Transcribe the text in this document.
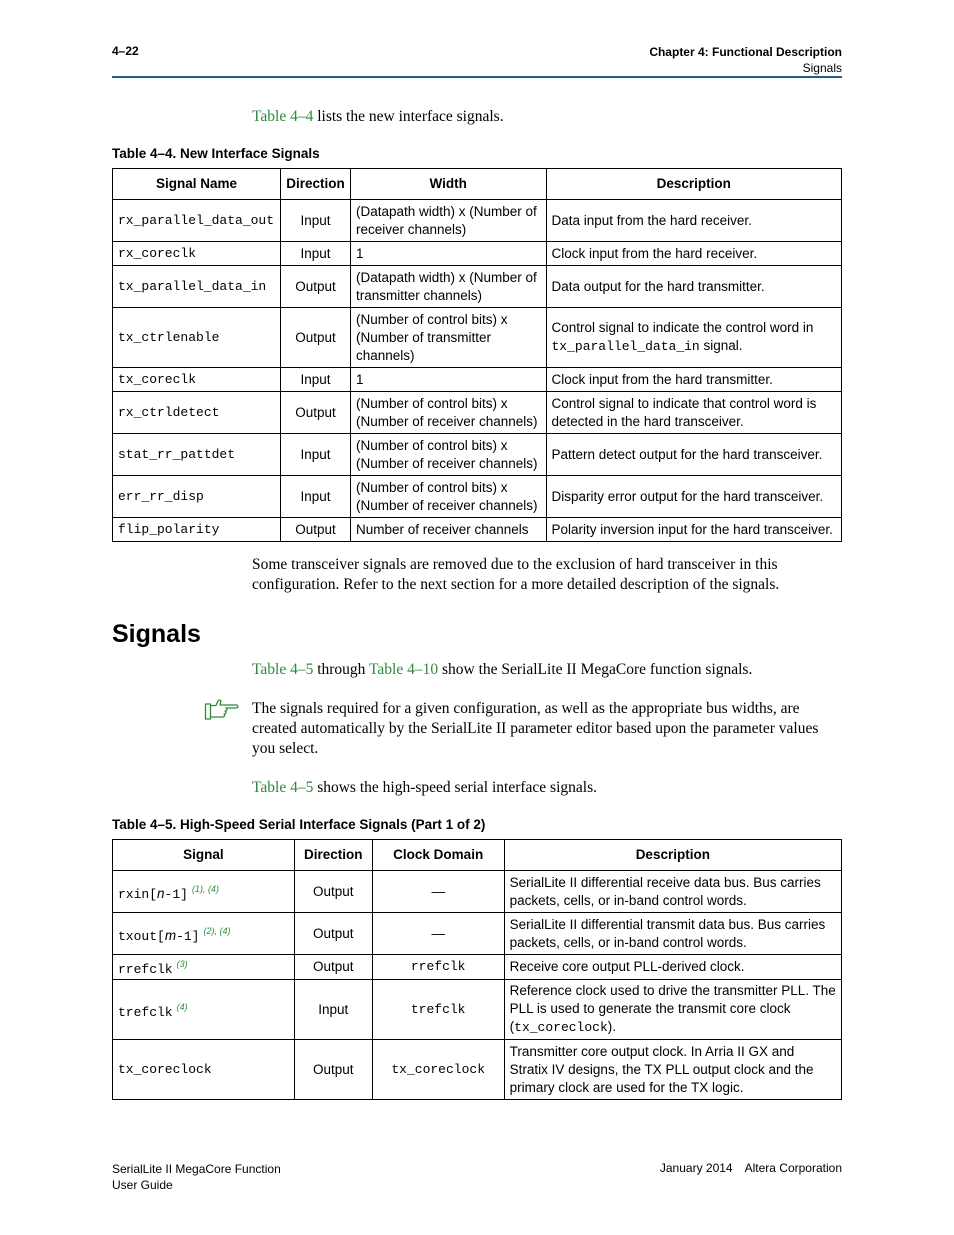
4–22	Chapter 4: Functional Description
Signals
Table 4–4 lists the new interface signals.
Table 4–4. New Interface Signals
Signal Name	Direction	Width	Description
rx_parallel_data_out	Input	(Datapath width) x (Number of receiver channels)	Data input from the hard receiver.
rx_coreclk	Input	1	Clock input from the hard receiver.
tx_parallel_data_in	Output	(Datapath width) x (Number of transmitter channels)	Data output for the hard transmitter.
tx_ctrlenable	Output	(Number of control bits) x (Number of transmitter channels)	Control signal to indicate the control word in tx_parallel_data_in signal.
tx_coreclk	Input	1	Clock input from the hard transmitter.
rx_ctrldetect	Output	(Number of control bits) x (Number of receiver channels)	Control signal to indicate that control word is detected in the hard transceiver.
stat_rr_pattdet	Input	(Number of control bits) x (Number of receiver channels)	Pattern detect output for the hard transceiver.
err_rr_disp	Input	(Number of control bits) x (Number of receiver channels)	Disparity error output for the hard transceiver.
flip_polarity	Output	Number of receiver channels	Polarity inversion input for the hard transceiver.
Some transceiver signals are removed due to the exclusion of hard transceiver in this configuration. Refer to the next section for a more detailed description of the signals.
Signals
Table 4–5 through Table 4–10 show the SerialLite II MegaCore function signals.
The signals required for a given configuration, as well as the appropriate bus widths, are created automatically by the SerialLite II parameter editor based upon the parameter values you select.
Table 4–5 shows the high-speed serial interface signals.
Table 4–5. High-Speed Serial Interface Signals (Part 1 of 2)
Signal	Direction	Clock Domain	Description
rxin[n-1] $^{(1), (4)}$	Output	—	SerialLite II differential receive data bus. Bus carries packets, cells, or in-band control words.
txout[m-1] $^{(2), (4)}$	Output	—	SerialLite II differential transmit data bus. Bus carries packets, cells, or in-band control words.
rrefclk $^{(3)}$	Output	rrefclk	Receive core output PLL-derived clock.
trefclk $^{(4)}$	Input	trefclk	Reference clock used to drive the transmitter PLL. The PLL is used to generate the transmit core clock (tx_coreclock).
tx_coreclock	Output	tx_coreclock	Transmitter core output clock. In Arria II GX and Stratix IV designs, the TX PLL output clock and the primary clock are used for the TX logic.
SerialLite II MegaCore Function
User Guide
January 2014 Altera Corporation
